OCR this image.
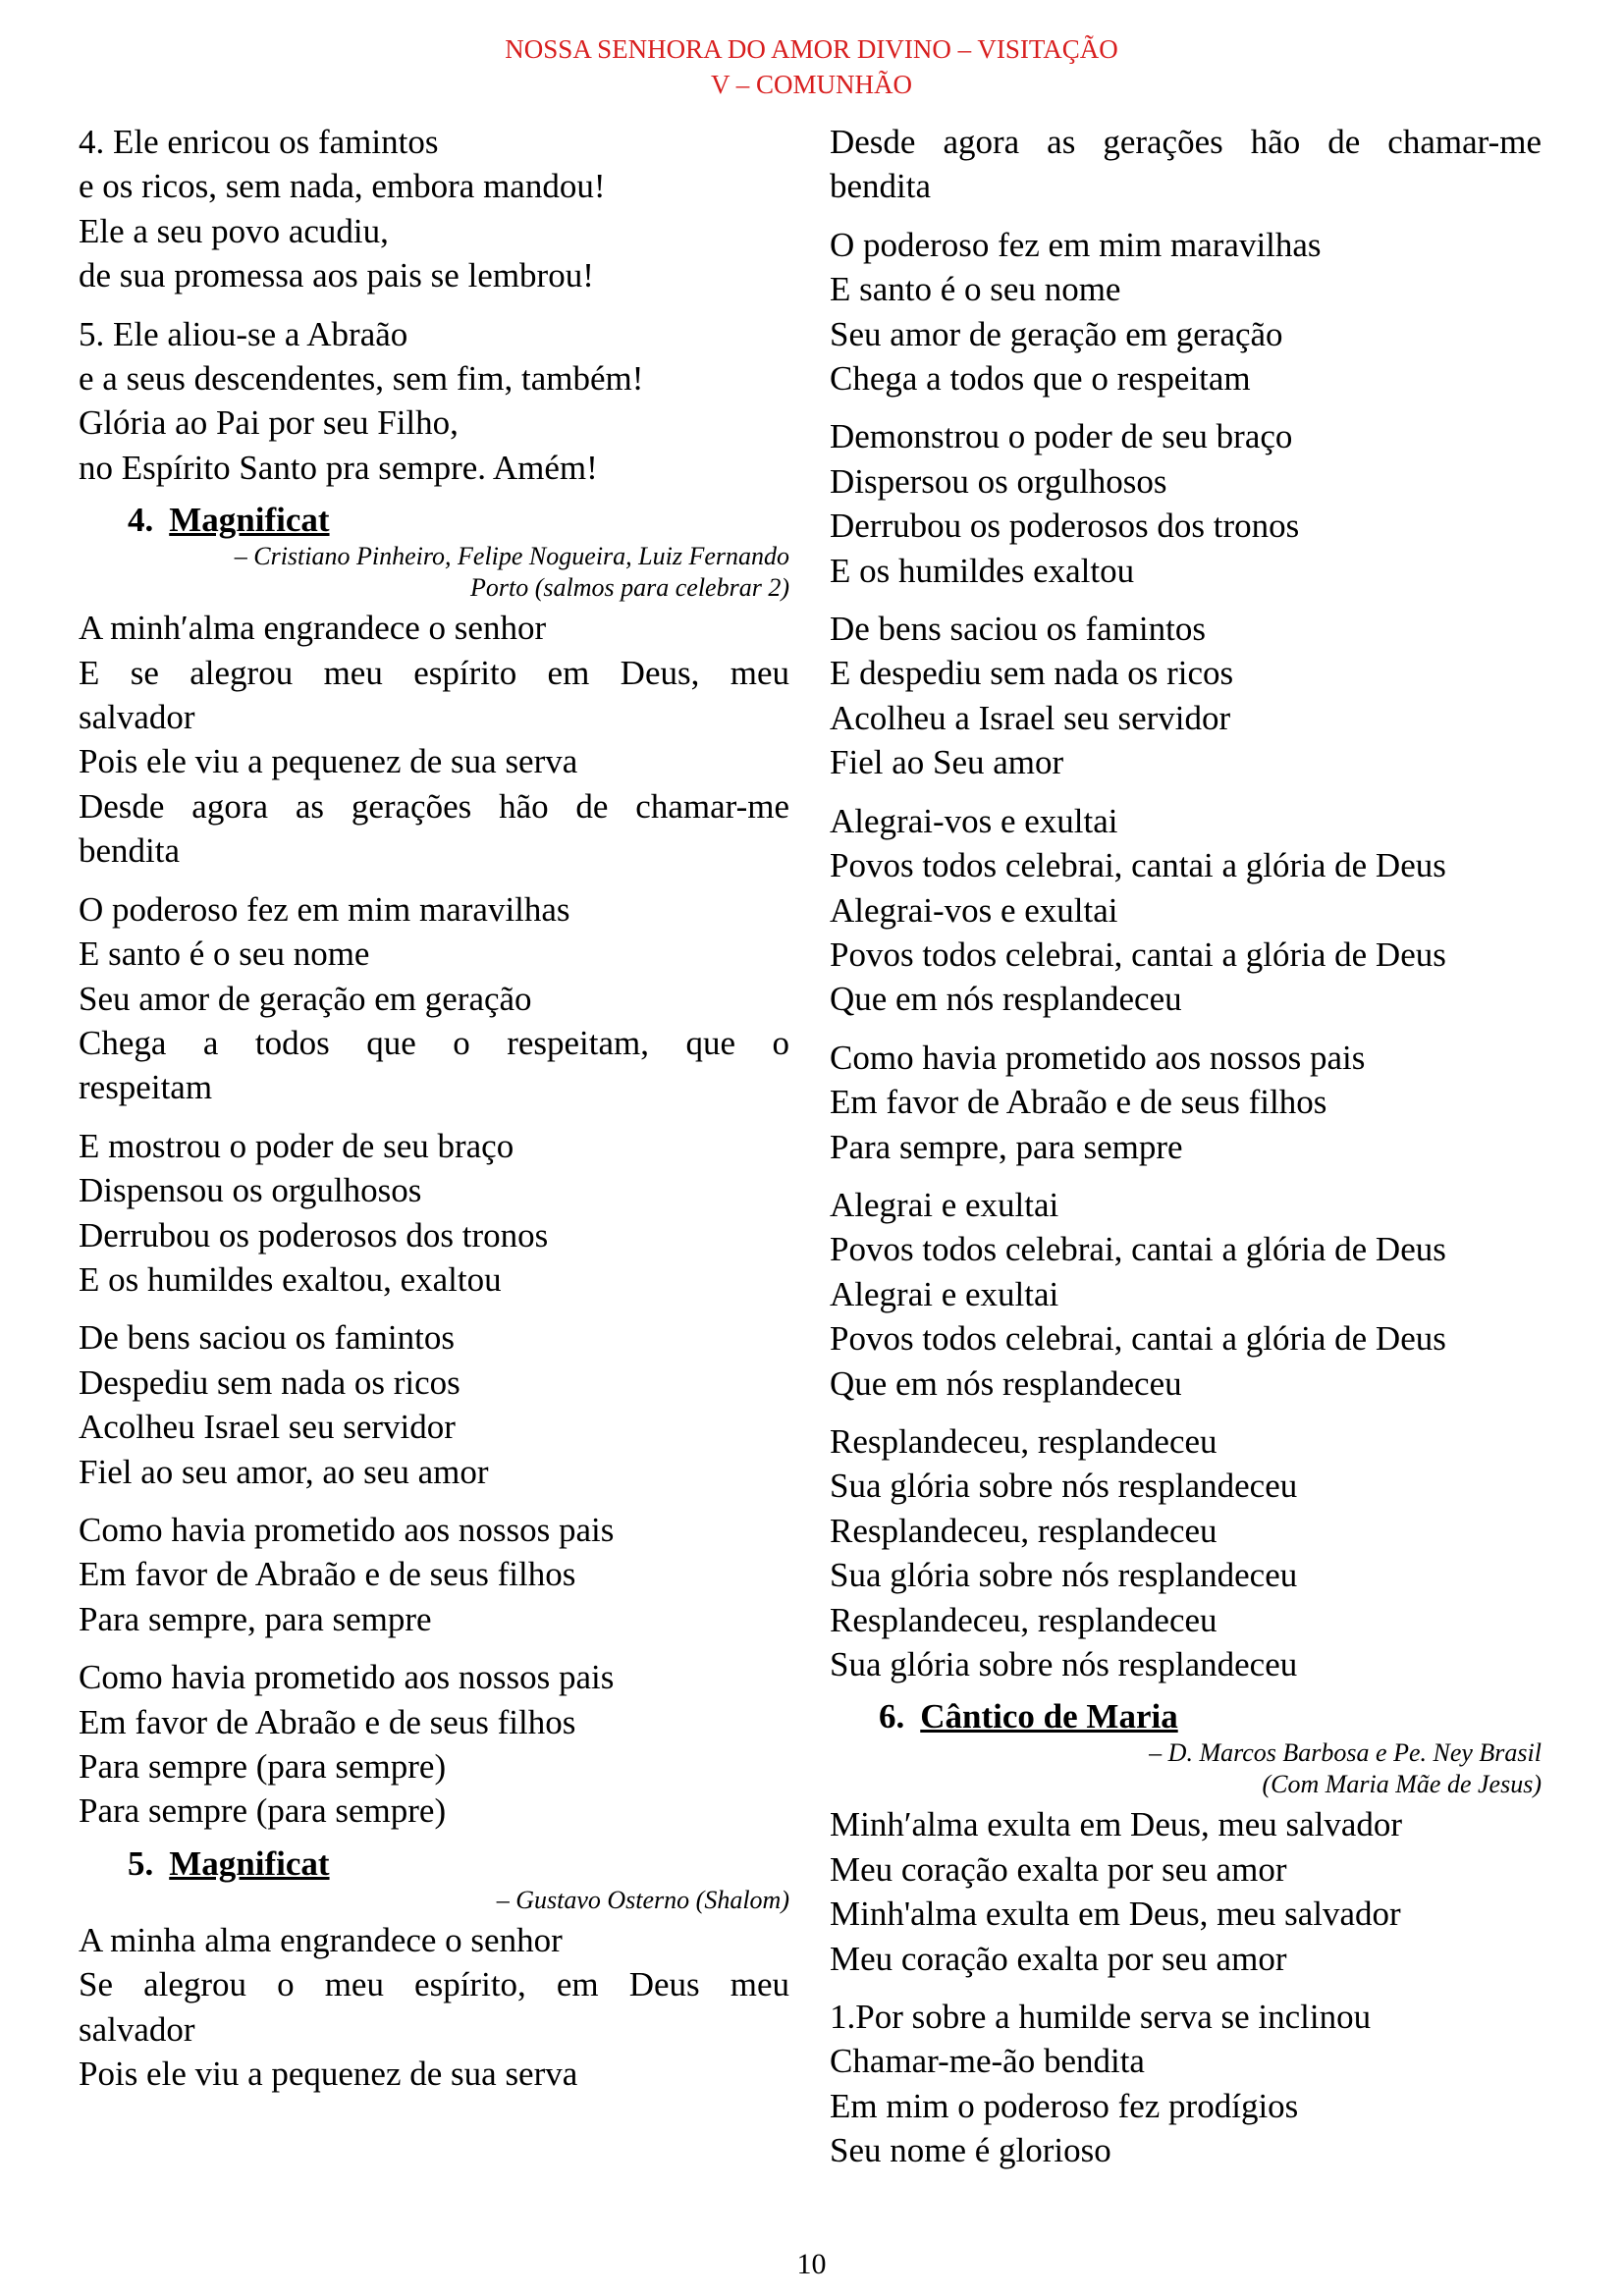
NOSSA SENHORA DO AMOR DIVINO – VISITAÇÃO
V – COMUNHÃO
4. Ele enricou os famintos
e os ricos, sem nada, embora mandou!
Ele a seu povo acudiu,
de sua promessa aos pais se lembrou!
5. Ele aliou-se a Abraão
e a seus descendentes, sem fim, também!
Glória ao Pai por seu Filho,
no Espírito Santo pra sempre. Amém!
4. Magnificat
– Cristiano Pinheiro, Felipe Nogueira, Luiz Fernando
Porto (salmos para celebrar 2)
A minh′alma engrandece o senhor
E se alegrou meu espírito em Deus, meu
salvador
Pois ele viu a pequenez de sua serva
Desde agora as gerações hão de chamar-me
bendita
O poderoso fez em mim maravilhas
E santo é o seu nome
Seu amor de geração em geração
Chega a todos que o respeitam, que o
respeitam
E mostrou o poder de seu braço
Dispensou os orgulhosos
Derrubou os poderosos dos tronos
E os humildes exaltou, exaltou
De bens saciou os famintos
Despediu sem nada os ricos
Acolheu Israel seu servidor
Fiel ao seu amor, ao seu amor
Como havia prometido aos nossos pais
Em favor de Abraão e de seus filhos
Para sempre, para sempre
Como havia prometido aos nossos pais
Em favor de Abraão e de seus filhos
Para sempre (para sempre)
Para sempre (para sempre)
5. Magnificat
– Gustavo Osterno (Shalom)
A minha alma engrandece o senhor
Se alegrou o meu espírito, em Deus meu
salvador
Pois ele viu a pequenez de sua serva
Desde agora as gerações hão de chamar-me
bendita
O poderoso fez em mim maravilhas
E santo é o seu nome
Seu amor de geração em geração
Chega a todos que o respeitam
Demonstrou o poder de seu braço
Dispersou os orgulhosos
Derrubou os poderosos dos tronos
E os humildes exaltou
De bens saciou os famintos
E despediu sem nada os ricos
Acolheu a Israel seu servidor
Fiel ao Seu amor
Alegrai-vos e exultai
Povos todos celebrai, cantai a glória de Deus
Alegrai-vos e exultai
Povos todos celebrai, cantai a glória de Deus
Que em nós resplandeceu
Como havia prometido aos nossos pais
Em favor de Abraão e de seus filhos
Para sempre, para sempre
Alegrai e exultai
Povos todos celebrai, cantai a glória de Deus
Alegrai e exultai
Povos todos celebrai, cantai a glória de Deus
Que em nós resplandeceu
Resplandeceu, resplandeceu
Sua glória sobre nós resplandeceu
Resplandeceu, resplandeceu
Sua glória sobre nós resplandeceu
Resplandeceu, resplandeceu
Sua glória sobre nós resplandeceu
6. Cântico de Maria
– D. Marcos Barbosa e Pe. Ney Brasil
(Com Maria Mãe de Jesus)
Minh′alma exulta em Deus, meu salvador
Meu coração exalta por seu amor
Minh'alma exulta em Deus, meu salvador
Meu coração exalta por seu amor
1.Por sobre a humilde serva se inclinou
Chamar-me-ão bendita
Em mim o poderoso fez prodígios
Seu nome é glorioso
10
